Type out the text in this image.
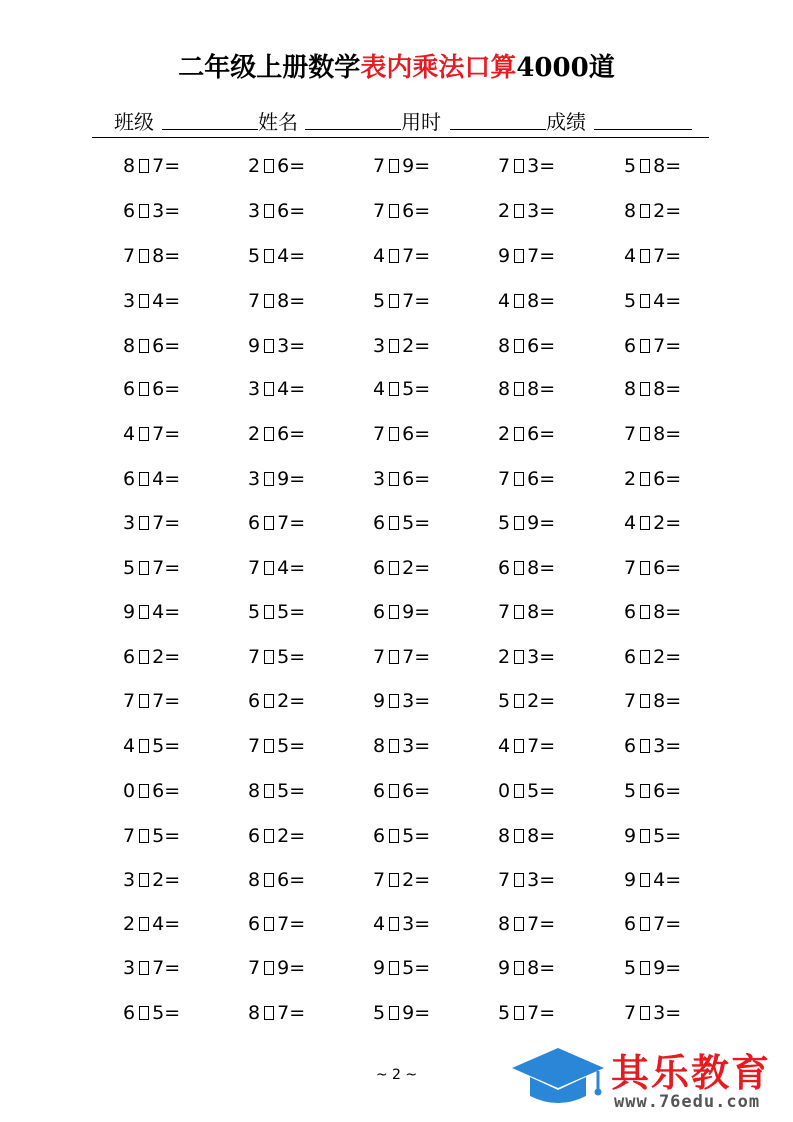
二年级上册数学表内乘法口算4000道
班级	姓名	用时	成绩
8 7=	2 6=	7 9=	7 3=	5 8=
6 3=	3 6=	7 6=	2 3=	8 2=
7 8=	5 4=	4 7=	9 7=	4 7=
3 4=	7 8=	5 7=	4 8=	5 4=
8 6=	9 3=	3 2=	8 6=	6 7=
6 6=	3 4=	4 5=	8 8=	8 8=
4 7=	2 6=	7 6=	2 6=	7 8=
6 4=	3 9=	3 6=	7 6=	2 6=
3 7=	6 7=	6 5=	5 9=	4 2=
5 7=	7 4=	6 2=	6 8=	7 6=
9 4=	5 5=	6 9=	7 8=	6 8=
6 2=	7 5=	7 7=	2 3=	6 2=
7 7=	6 2=	9 3=	5 2=	7 8=
4 5=	7 5=	8 3=	4 7=	6 3=
0 6=	8 5=	6 6=	0 5=	5 6=
7 5=	6 2=	6 5=	8 8=	9 5=
3 2=	8 6=	7 2=	7 3=	9 4=
2 4=	6 7=	4 3=	8 7=	6 7=
3 7=	7 9=	9 5=	9 8=	5 9=
6 5=	8 7=	5 9=	5 7=	7 3=
~ 2 ~	其乐教育
www.76edu.com
